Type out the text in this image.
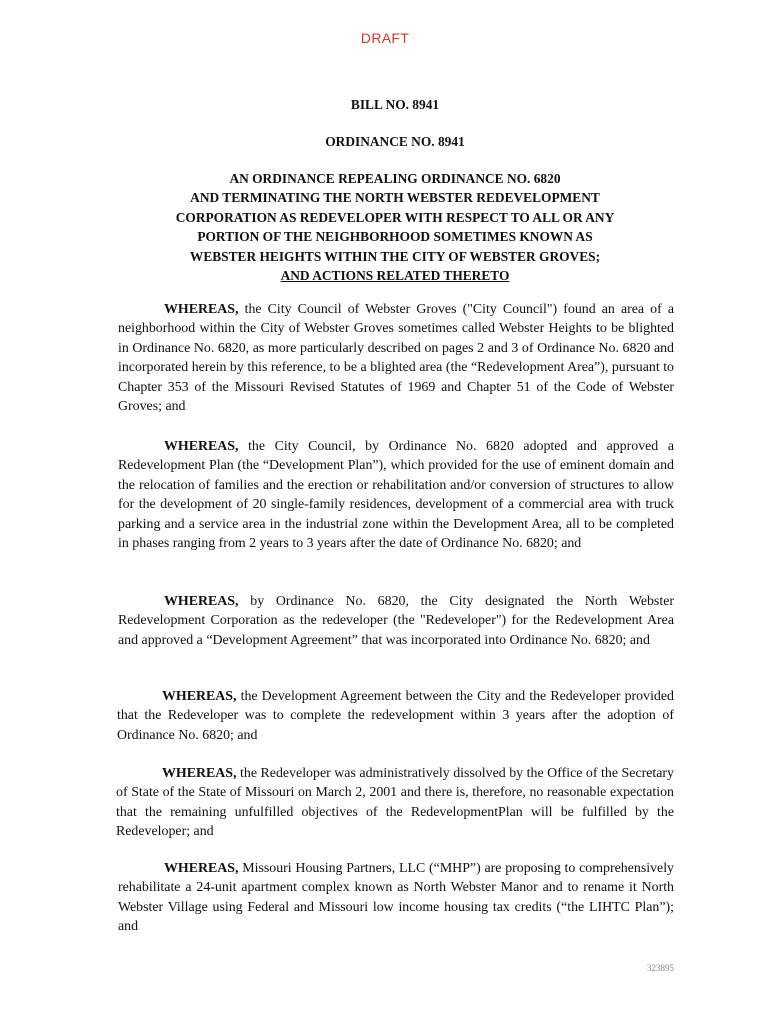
DRAFT
BILL NO. 8941
ORDINANCE NO. 8941
AN ORDINANCE REPEALING ORDINANCE NO. 6820
AND TERMINATING THE NORTH WEBSTER REDEVELOPMENT
CORPORATION AS REDEVELOPER WITH RESPECT TO ALL OR ANY
PORTION OF THE NEIGHBORHOOD SOMETIMES KNOWN AS
WEBSTER HEIGHTS WITHIN THE CITY OF WEBSTER GROVES;
AND ACTIONS RELATED THERETO
WHEREAS, the City Council of Webster Groves ("City Council") found an area of a neighborhood within the City of Webster Groves sometimes called Webster Heights to be blighted in Ordinance No. 6820, as more particularly described on pages 2 and 3 of Ordinance No. 6820 and incorporated herein by this reference, to be a blighted area (the “Redevelopment Area”), pursuant to Chapter 353 of the Missouri Revised Statutes of 1969 and Chapter 51 of the Code of Webster Groves; and
WHEREAS, the City Council, by Ordinance No. 6820 adopted and approved a Redevelopment Plan (the “Development Plan”), which provided for the use of eminent domain and the relocation of families and the erection or rehabilitation and/or conversion of structures to allow for the development of 20 single-family residences, development of a commercial area with truck parking and a service area in the industrial zone within the Development Area, all to be completed in phases ranging from 2 years to 3 years after the date of Ordinance No. 6820; and
WHEREAS, by Ordinance No. 6820, the City designated the North Webster Redevelopment Corporation as the redeveloper (the "Redeveloper") for the Redevelopment Area and approved a “Development Agreement” that was incorporated into Ordinance No. 6820; and
WHEREAS, the Development Agreement between the City and the Redeveloper provided that the Redeveloper was to complete the redevelopment within 3 years after the adoption of Ordinance No. 6820; and
WHEREAS, the Redeveloper was administratively dissolved by the Office of the Secretary of State of the State of Missouri on March 2, 2001 and there is, therefore, no reasonable expectation that the remaining unfulfilled objectives of the RedevelopmentPlan will be fulfilled by the Redeveloper; and
WHEREAS, Missouri Housing Partners, LLC (“MHP”) are proposing to comprehensively rehabilitate a 24-unit apartment complex known as North Webster Manor and to rename it North Webster Village using Federal and Missouri low income housing tax credits (“the LIHTC Plan”); and
323895
